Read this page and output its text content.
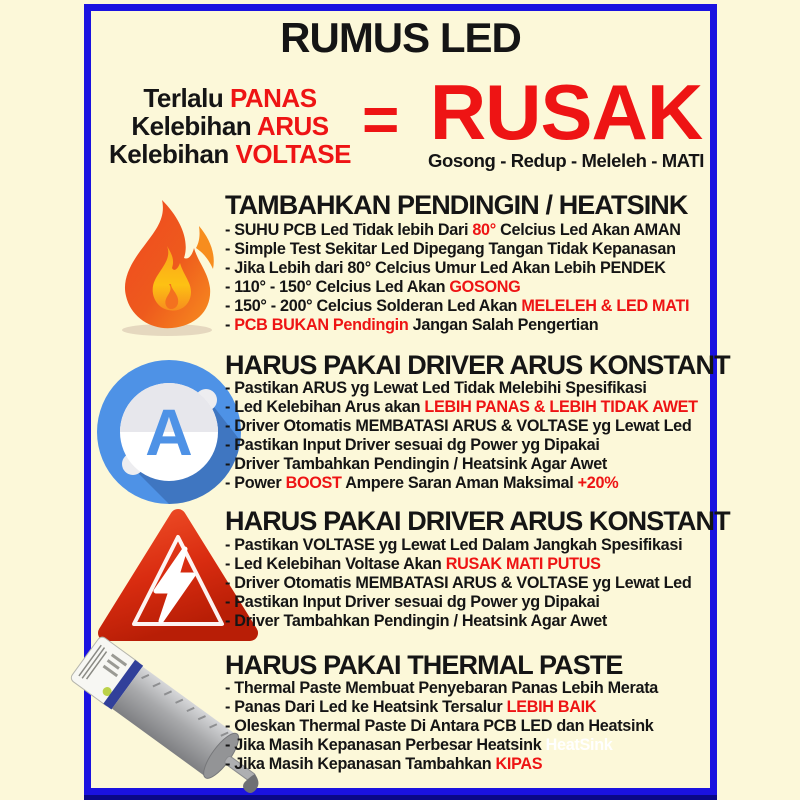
RUMUS LED
Terlalu PANAS
Kelebihan ARUS
Kelebihan VOLTASE = RUSAK
Gosong - Redup - Meleleh - MATI
TAMBAHKAN PENDINGIN / HEATSINK
- SUHU PCB Led Tidak lebih Dari 80° Celcius Led Akan AMAN
- Simple Test Sekitar Led Dipegang Tangan Tidak Kepanasan
- Jika Lebih dari 80° Celcius Umur Led Akan Lebih PENDEK
- 110° - 150° Celcius Led Akan GOSONG
- 150° - 200° Celcius Solderan Led Akan MELELEH & LED MATI
- PCB BUKAN Pendingin Jangan Salah Pengertian
A
HARUS PAKAI DRIVER ARUS KONSTANT
- Pastikan ARUS yg Lewat Led Tidak Melebihi Spesifikasi
- Led Kelebihan Arus akan LEBIH PANAS & LEBIH TIDAK AWET
- Driver Otomatis MEMBATASI ARUS & VOLTASE yg Lewat Led
- Pastikan Input Driver sesuai dg Power yg Dipakai
- Driver Tambahkan Pendingin / Heatsink Agar Awet
- Power BOOST Ampere Saran Aman Maksimal +20%
HARUS PAKAI DRIVER ARUS KONSTANT
- Pastikan VOLTASE yg Lewat Led Dalam Jangkah Spesifikasi
- Led Kelebihan Voltase Akan RUSAK MATI PUTUS
- Driver Otomatis MEMBATASI ARUS & VOLTASE yg Lewat Led
- Pastikan Input Driver sesuai dg Power yg Dipakai
- Driver Tambahkan Pendingin / Heatsink Agar Awet
HARUS PAKAI THERMAL PASTE
- Thermal Paste Membuat Penyebaran Panas Lebih Merata
- Panas Dari Led ke Heatsink Tersalur LEBIH BAIK
- Oleskan Thermal Paste Di Antara PCB LED dan Heatsink
- Jika Masih Kepanasan Perbesar Heatsink HeatSink
- Jika Masih Kepanasan Tambahkan KIPAS
